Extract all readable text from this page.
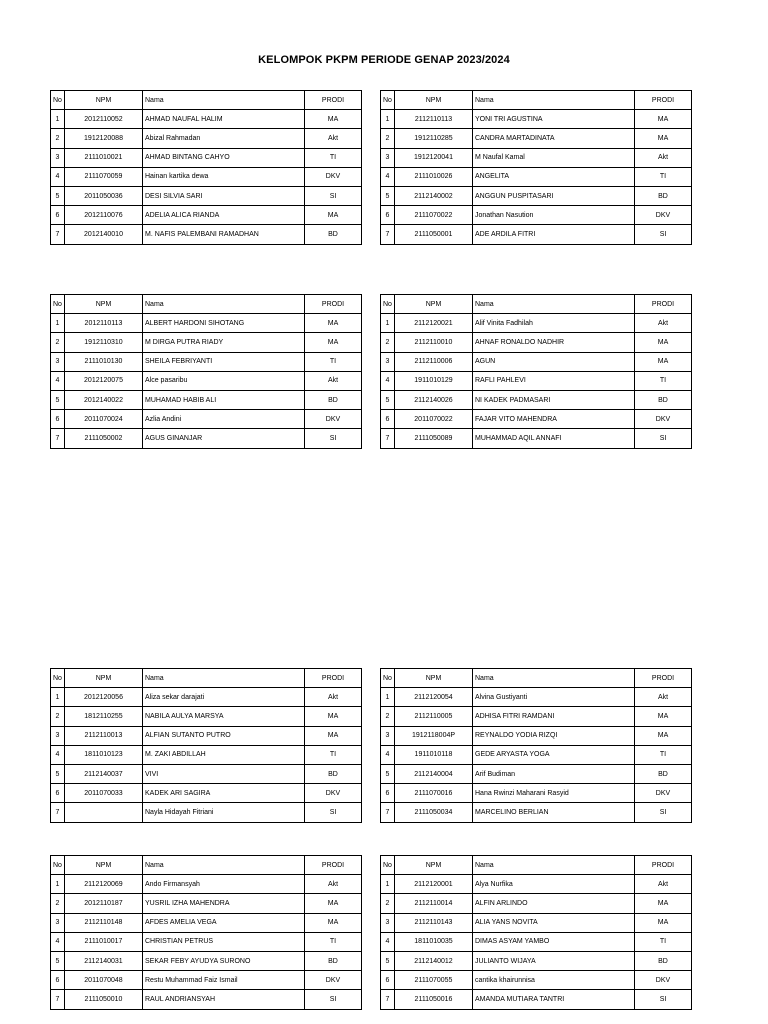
KELOMPOK PKPM PERIODE GENAP 2023/2024
No	NPM	Nama	PRODI
1	2012110052	AHMAD NAUFAL HALIM	MA
2	1912120088	Abizal Rahmadan	Akt
3	2111010021	AHMAD BINTANG CAHYO	TI
4	2111070059	Hainan kartika dewa	DKV
5	2011050036	DESI SILVIA SARI	SI
6	2012110076	ADELIA ALICA RIANDA	MA
7	2012140010	M. NAFIS PALEMBANI RAMADHAN	BD
No	NPM	Nama	PRODI
1	2112110113	YONI TRI AGUSTINA	MA
2	1912110285	CANDRA MARTADINATA	MA
3	1912120041	M Naufal Kamal	Akt
4	2111010026	ANGELITA	TI
5	2112140002	ANGGUN PUSPITASARI	BD
6	2111070022	Jonathan Nasution	DKV
7	2111050001	ADE ARDILA FITRI	SI
No	NPM	Nama	PRODI
1	2012110113	ALBERT HARDONI SIHOTANG	MA
2	1912110310	M DIRGA PUTRA RIADY	MA
3	2111010130	SHEILA FEBRIYANTI	TI
4	2012120075	Alce pasaribu	Akt
5	2012140022	MUHAMAD HABIB ALI	BD
6	2011070024	Azlia Andini	DKV
7	2111050002	AGUS GINANJAR	SI
No	NPM	Nama	PRODI
1	2112120021	Alif Vinita Fadhilah	Akt
2	2112110010	AHNAF RONALDO NADHIR	MA
3	2112110006	AGUN	MA
4	1911010129	RAFLI PAHLEVI	TI
5	2112140026	NI KADEK PADMASARI	BD
6	2011070022	FAJAR VITO MAHENDRA	DKV
7	2111050089	MUHAMMAD AQIL ANNAFI	SI
No	NPM	Nama	PRODI
1	2012120056	Aliza sekar darajati	Akt
2	1812110255	NABILA AULYA MARSYA	MA
3	2112110013	ALFIAN SUTANTO PUTRO	MA
4	1811010123	M. ZAKI ABDILLAH	TI
5	2112140037	VIVI	BD
6	2011070033	KADEK ARI SAGIRA	DKV
7		Nayla Hidayah Fitriani	SI
No	NPM	Nama	PRODI
1	2112120054	Alvina Gustiyanti	Akt
2	2112110005	ADHISA FITRI RAMDANI	MA
3	1912118004P	REYNALDO YODIA RIZQI	MA
4	1911010118	GEDE ARYASTA YOGA	TI
5	2112140004	Arif Budiman	BD
6	2111070016	Hana Rwinzi Maharani Rasyid	DKV
7	2111050034	MARCELINO BERLIAN	SI
No	NPM	Nama	PRODI
1	2112120069	Ando Firmansyah	Akt
2	2012110187	YUSRIL IZHA MAHENDRA	MA
3	2112110148	AFDES AMELIA VEGA	MA
4	2111010017	CHRISTIAN PETRUS	TI
5	2112140031	SEKAR FEBY AYUDYA SURONO	BD
6	2011070048	Restu Muhammad Faiz Ismail	DKV
7	2111050010	RAUL ANDRIANSYAH	SI
No	NPM	Nama	PRODI
1	2112120001	Alya Nurfika	Akt
2	2112110014	ALFIN ARLINDO	MA
3	2112110143	ALIA YANS NOVITA	MA
4	1811010035	DIMAS ASYAM YAMBO	TI
5	2112140012	JULIANTO WIJAYA	BD
6	2111070055	cantika khairunnisa	DKV
7	2111050016	AMANDA MUTIARA TANTRI	SI
